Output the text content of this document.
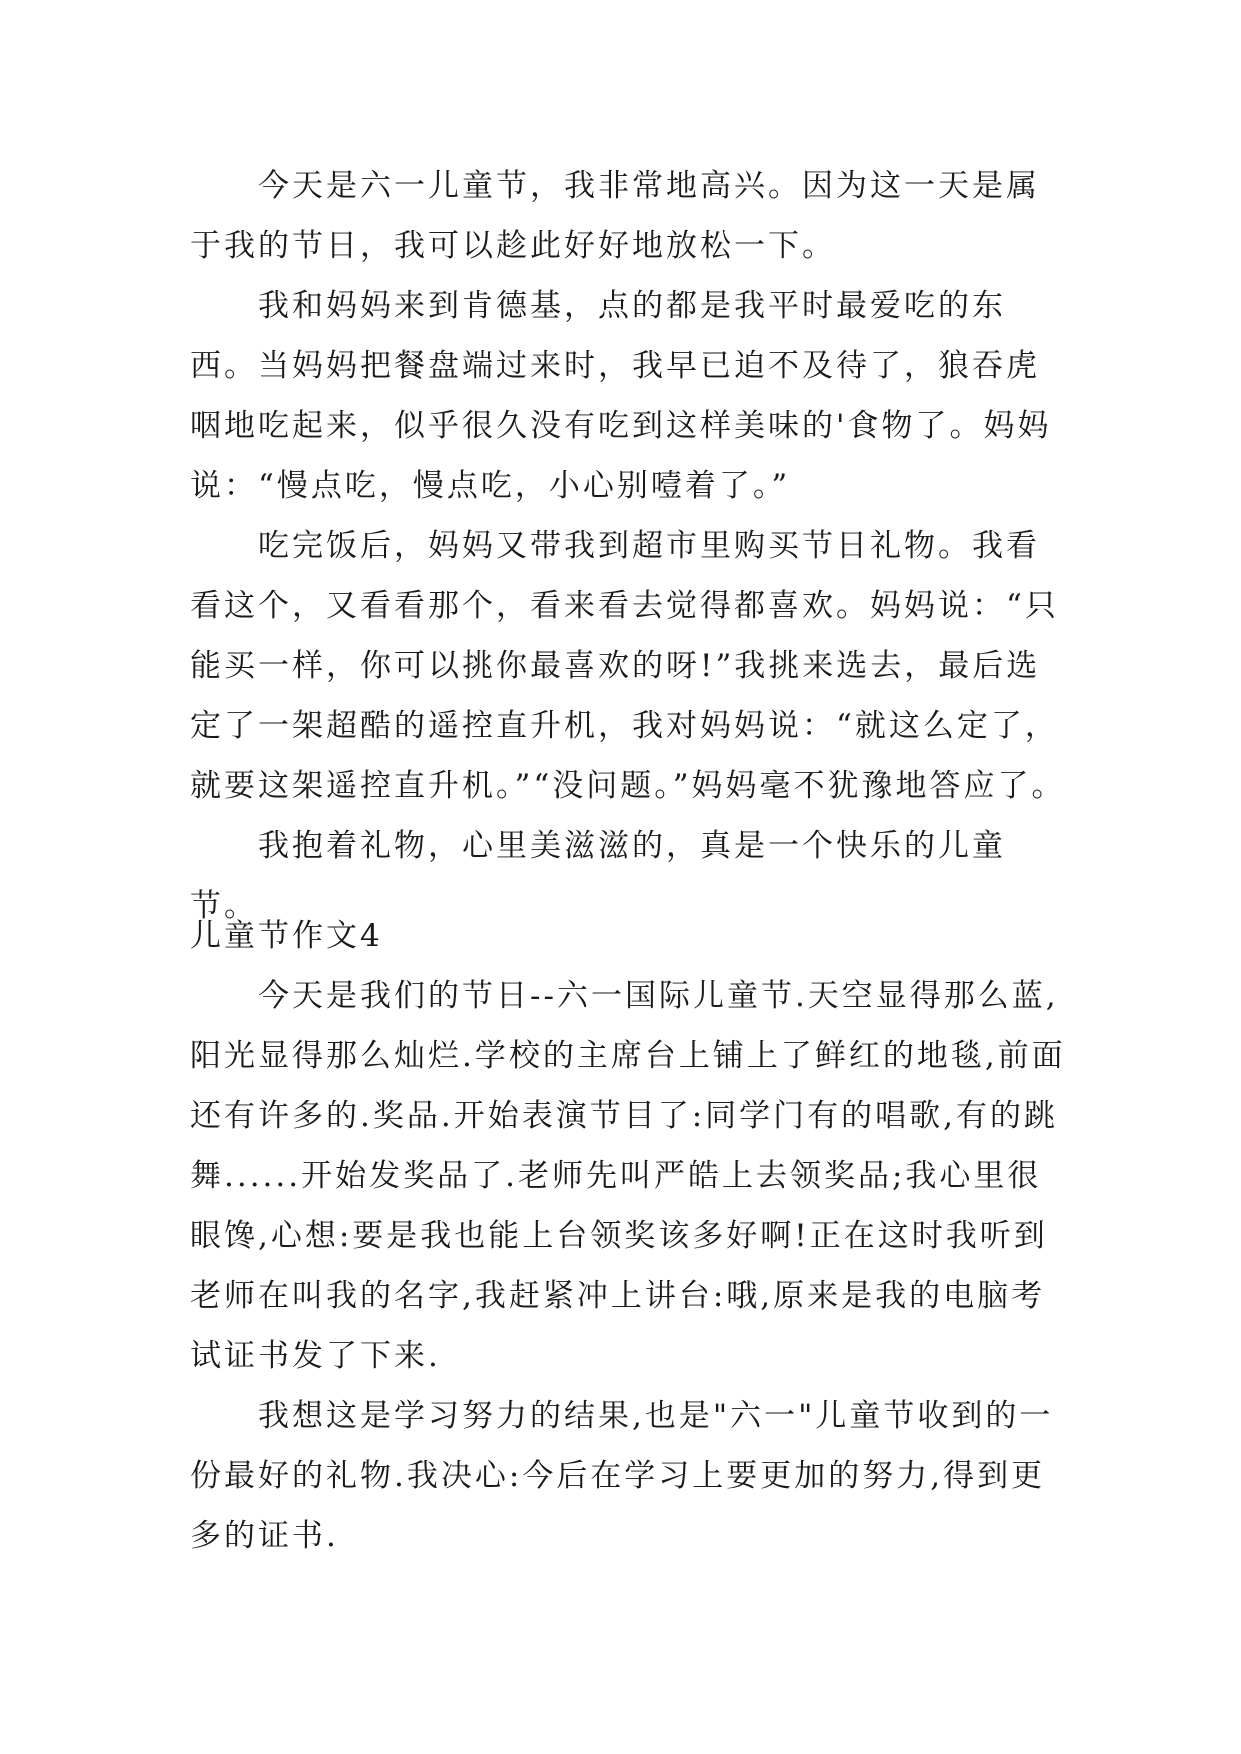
今天是六一儿童节，我非常地高兴。因为这一天是属于我的节日，我可以趁此好好地放松一下。

我和妈妈来到肯德基，点的都是我平时最爱吃的东西。当妈妈把餐盘端过来时，我早已迫不及待了，狼吞虎咽地吃起来，似乎很久没有吃到这样美味的'食物了。妈妈说：“慢点吃，慢点吃，小心别噎着了。”

吃完饭后，妈妈又带我到超市里购买节日礼物。我看看这个，又看看那个，看来看去觉得都喜欢。妈妈说：“只能买一样，你可以挑你最喜欢的呀!”我挑来选去，最后选定了一架超酷的遥控直升机，我对妈妈说：“就这么定了，就要这架遥控直升机。”“没问题。”妈妈毫不犹豫地答应了。

我抱着礼物，心里美滋滋的，真是一个快乐的儿童节。

儿童节作文4

今天是我们的节日--六一国际儿童节.天空显得那么蓝,阳光显得那么灿烂.学校的主席台上铺上了鲜红的地毯,前面还有许多的.奖品.开始表演节目了:同学门有的唱歌,有的跳舞......开始发奖品了.老师先叫严皓上去领奖品;我心里很眼馋,心想:要是我也能上台领奖该多好啊!正在这时我听到老师在叫我的名字,我赶紧冲上讲台:哦,原来是我的电脑考试证书发了下来.

我想这是学习努力的结果,也是"六一"儿童节收到的一份最好的礼物.我决心:今后在学习上要更加的努力,得到更多的证书.
